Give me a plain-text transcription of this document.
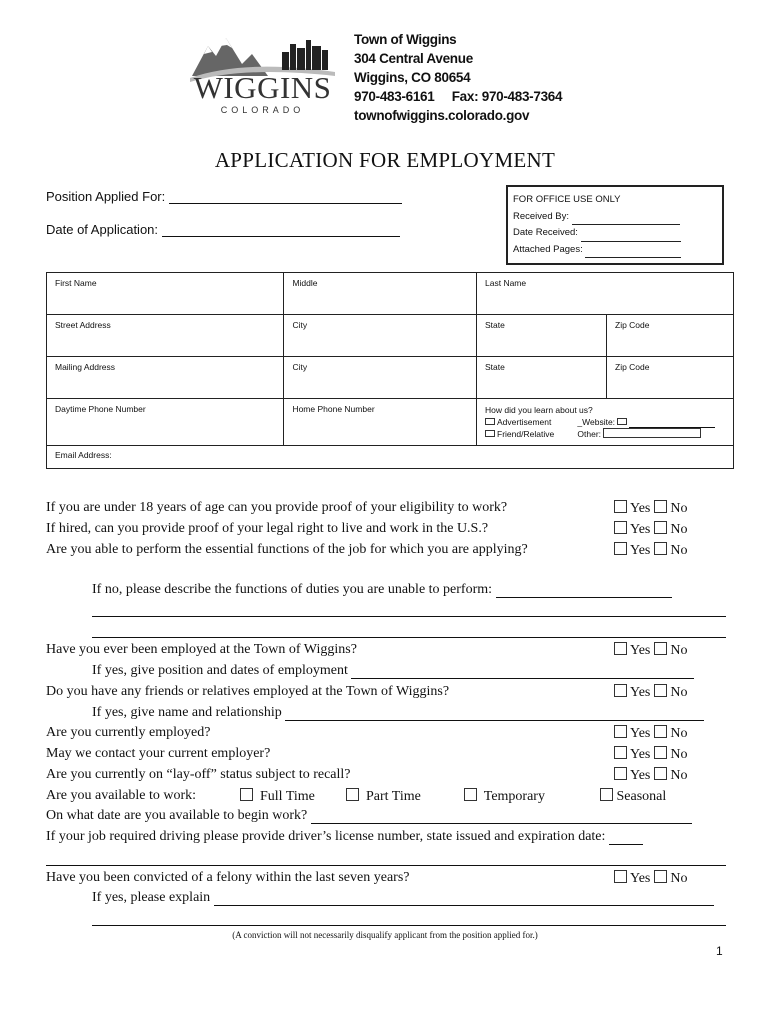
WIGGINS
COLORADO
Town of Wiggins
304 Central Avenue
Wiggins, CO 80654
970-483-6161     Fax: 970-483-7364
townofwiggins.colorado.gov
APPLICATION FOR EMPLOYMENT
Position Applied For:
Date of Application:
FOR OFFICE USE ONLY
Received By:
Date Received:
Attached Pages:
First Name	Middle	Last Name	
Street Address	City	State	Zip Code
Mailing Address	City	State	Zip Code
Daytime Phone Number	Home Phone Number	How did you learn about us?
Advertisement _Website:
Friend/Relative Other:	

Email Address:			
If you are under 18 years of age can you provide proof of your eligibility to work?	Yes No
If hired, can you provide proof of your legal right to live and work in the U.S.?	Yes No
Are you able to perform the essential functions of the job for which you are applying?	Yes No
If no, please describe the functions of duties you are unable to perform:
Have you ever been employed at the Town of Wiggins?	Yes No
If yes, give position and dates of employment
Do you have any friends or relatives employed at the Town of Wiggins?	Yes No
If yes, give name and relationship
Are you currently employed?	Yes No
May we contact your current employer?	Yes No
Are you currently on “lay-off” status subject to recall?	Yes No
Are you available to work:	Full Time	Part Time	Temporary	Seasonal
On what date are you available to begin work?
If your job required driving please provide driver’s license number, state issued and expiration date:
Have you been convicted of a felony within the last seven years?	Yes No
If yes, please explain
(A conviction will not necessarily disqualify applicant from the position applied for.)
1
